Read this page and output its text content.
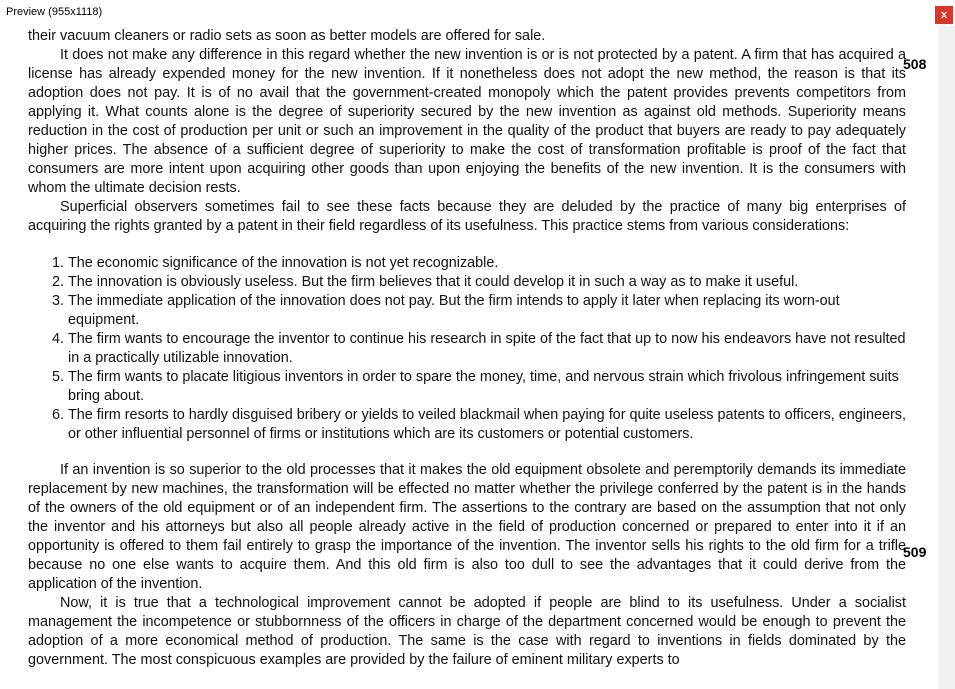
Preview (955x1118)	x

their vacuum cleaners or radio sets as soon as better models are offered for sale.

It does not make any difference in this regard whether the new invention is or is not protected by a patent. A firm that has acquired a license has already expended money for the new invention. If it nonetheless does not adopt the new method, the reason is that its adoption does not pay. It is of no avail that the government-created monopoly which the patent provides prevents competitors from applying it. What counts alone is the degree of superiority secured by the new invention as against old methods. Superiority means reduction in the cost of production per unit or such an improvement in the quality of the product that buyers are ready to pay adequately higher prices. The absence of a sufficient degree of superiority to make the cost of transformation profitable is proof of the fact that consumers are more intent upon acquiring other goods than upon enjoying the benefits of the new invention. It is the consumers with whom the ultimate decision rests.

Superficial observers sometimes fail to see these facts because they are deluded by the practice of many big enterprises of acquiring the rights granted by a patent in their field regardless of its usefulness. This practice stems from various considerations:

1. The economic significance of the innovation is not yet recognizable.
2. The innovation is obviously useless. But the firm believes that it could develop it in such a way as to make it useful.
3. The immediate application of the innovation does not pay. But the firm intends to apply it later when replacing its worn-out equipment.
4. The firm wants to encourage the inventor to continue his research in spite of the fact that up to now his endeavors have not resulted in a practically utilizable innovation.
5. The firm wants to placate litigious inventors in order to spare the money, time, and nervous strain which frivolous infringement suits bring about.
6. The firm resorts to hardly disguised bribery or yields to veiled blackmail when paying for quite useless patents to officers, engineers, or other influential personnel of firms or institutions which are its customers or potential customers.

If an invention is so superior to the old processes that it makes the old equipment obsolete and peremptorily demands its immediate replacement by new machines, the transformation will be effected no matter whether the privilege conferred by the patent is in the hands of the owners of the old equipment or of an independent firm. The assertions to the contrary are based on the assumption that not only the inventor and his attorneys but also all people already active in the field of production concerned or prepared to enter into it if an opportunity is offered to them fail entirely to grasp the importance of the invention. The inventor sells his rights to the old firm for a trifle because no one else wants to acquire them. And this old firm is also too dull to see the advantages that it could derive from the application of the invention.

Now, it is true that a technological improvement cannot be adopted if people are blind to its usefulness. Under a socialist management the incompetence or stubbornness of the officers in charge of the department concerned would be enough to prevent the adoption of a more economical method of production. The same is the case with regard to inventions in fields dominated by the government. The most conspicuous examples are provided by the failure of eminent military experts to

508
509
